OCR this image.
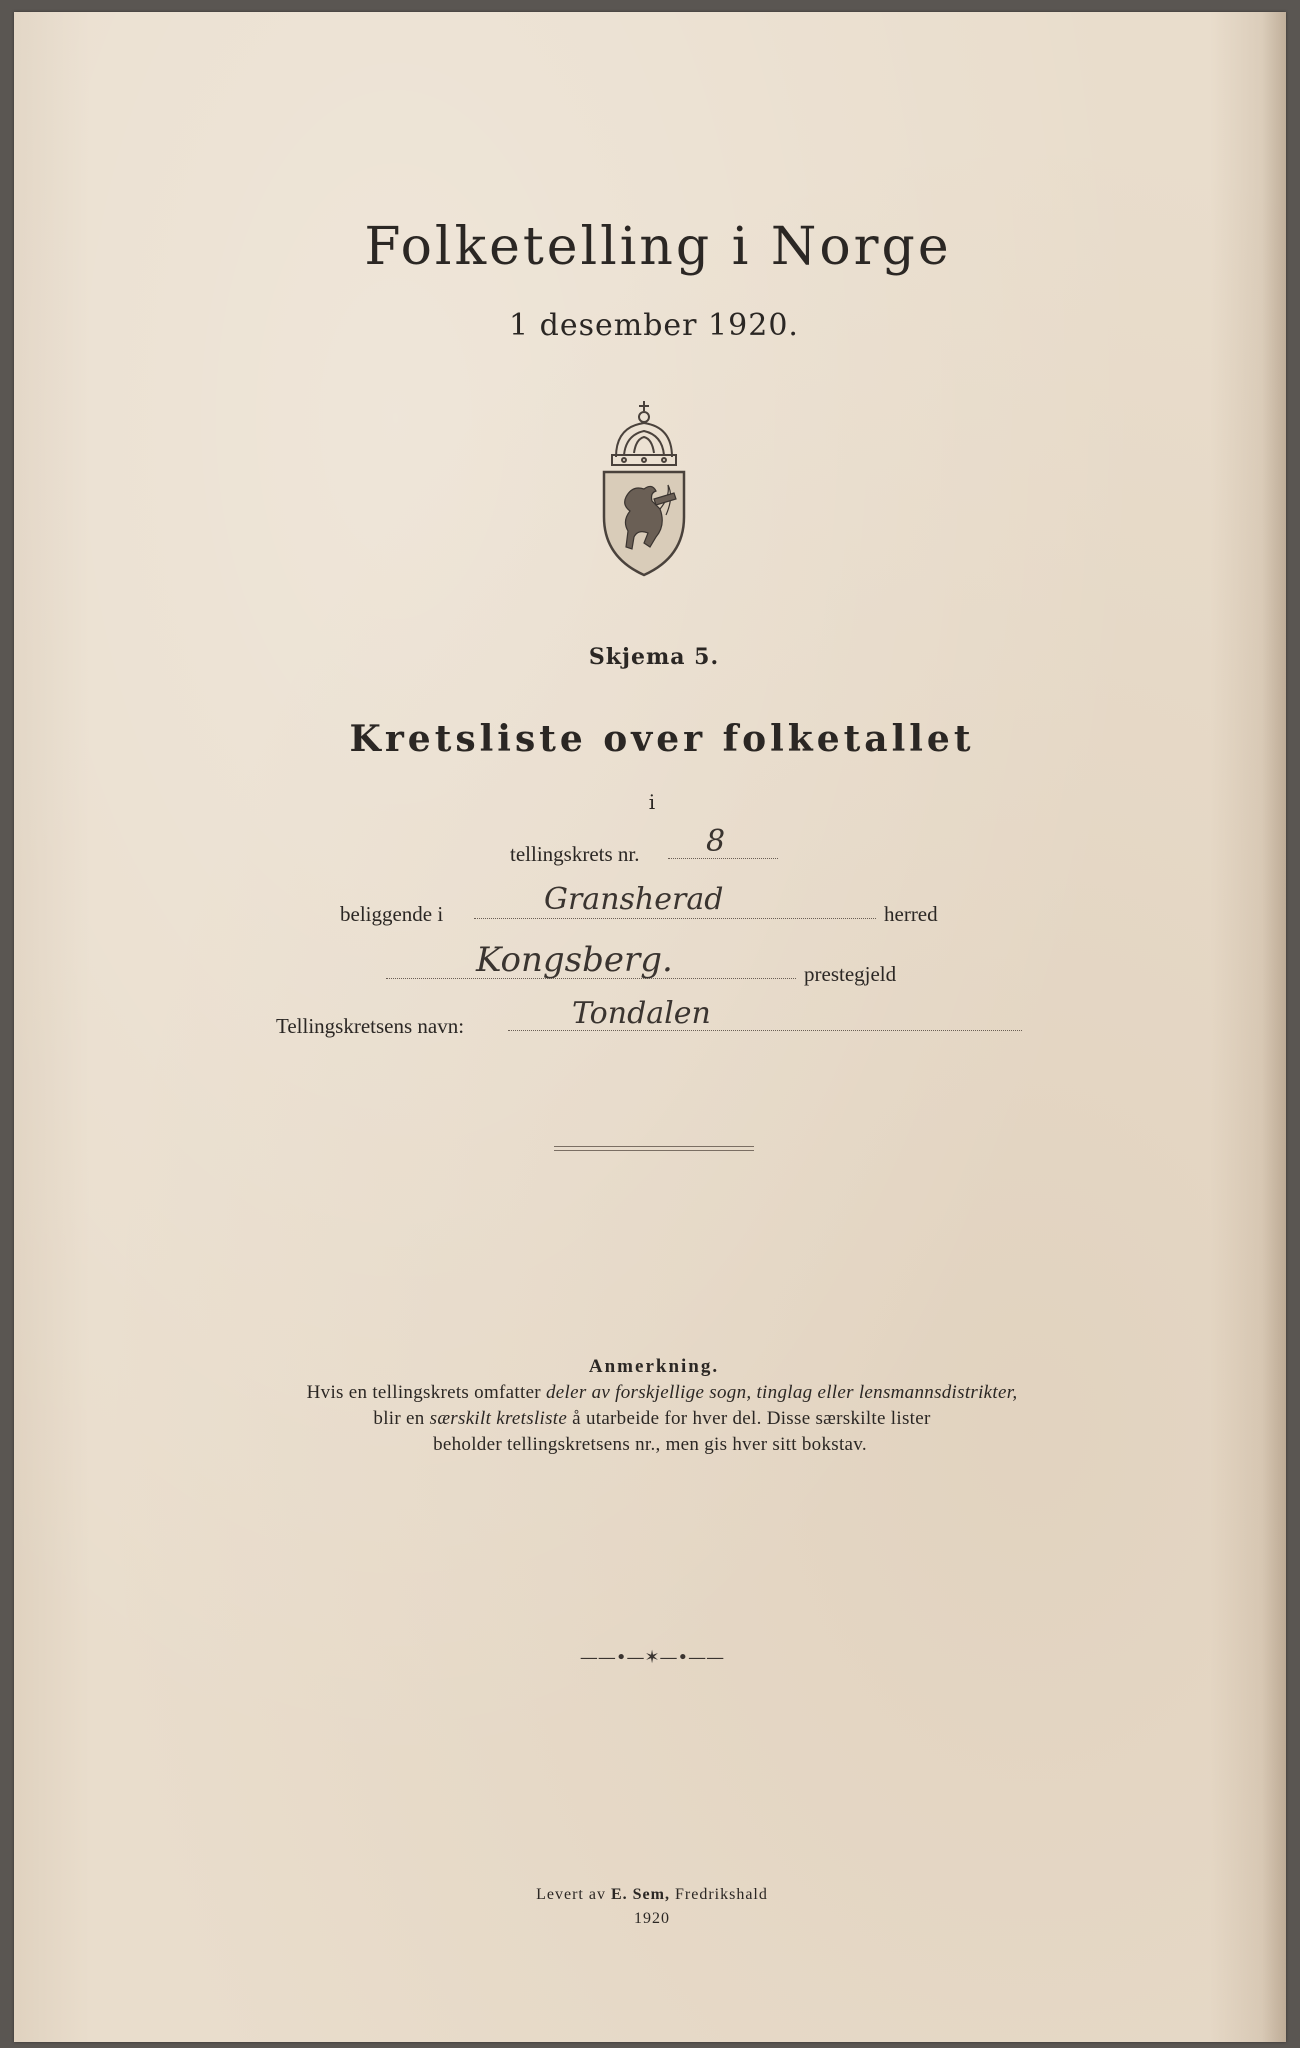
Folketelling i Norge
1 desember 1920.
Skjema 5.
Kretsliste over folketallet
i
tellingskrets nr. 8
beliggende i	Gransherad	herred
Kongsberg.	prestegjeld
Tellingskretsens navn:	Tondalen
Anmerkning.
Hvis en tellingskrets omfatter deler av forskjellige sogn, tinglag eller lensmannsdistrikter,
blir en særskilt kretsliste å utarbeide for hver del. Disse særskilte lister
beholder tellingskretsens nr., men gis hver sitt bokstav.
——•—✶—•——
Levert av E. Sem, Fredrikshald
1920
